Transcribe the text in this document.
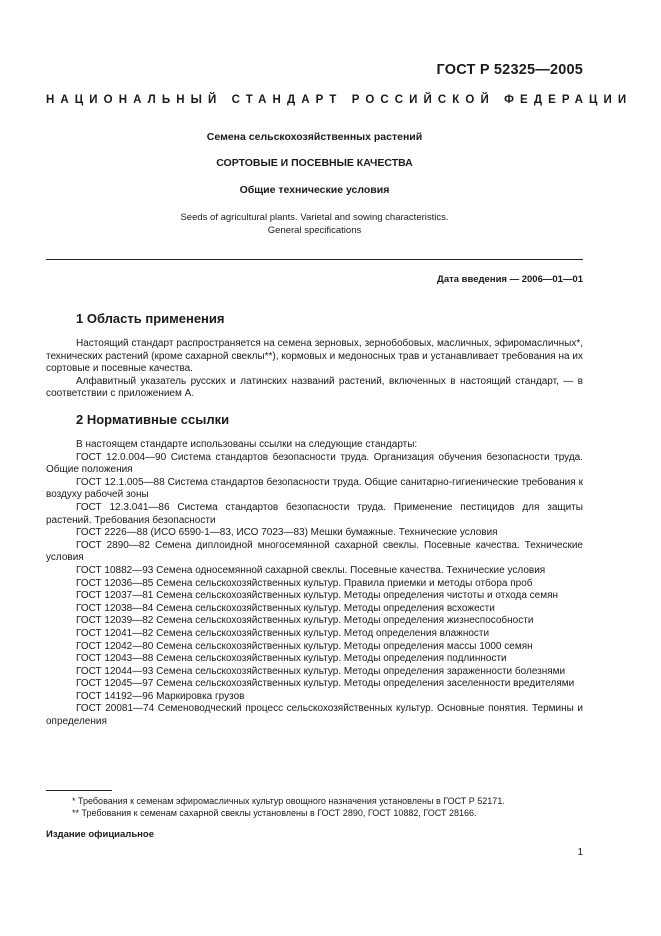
ГОСТ Р 52325—2005
НАЦИОНАЛЬНЫЙ СТАНДАРТ РОССИЙСКОЙ ФЕДЕРАЦИИ
Семена сельскохозяйственных растений
СОРТОВЫЕ И ПОСЕВНЫЕ КАЧЕСТВА
Общие технические условия
Seeds of agricultural plants. Varietal and sowing characteristics.
General specifications
Дата введения — 2006—01—01
1 Область применения

Настоящий стандарт распространяется на семена зерновых, зернобобовых, масличных, эфиромасличных*, технических растений (кроме сахарной свеклы**), кормовых и медоносных трав и устанавливает требования на их сортовые и посевные качества.

Алфавитный указатель русских и латинских названий растений, включенных в настоящий стандарт, — в соответствии с приложением А.

2 Нормативные ссылки

В настоящем стандарте использованы ссылки на следующие стандарты:

ГОСТ 12.0.004—90 Система стандартов безопасности труда. Организация обучения безопасности труда. Общие положения

ГОСТ 12.1.005—88 Система стандартов безопасности труда. Общие санитарно-гигиенические требования к воздуху рабочей зоны

ГОСТ 12.3.041—86 Система стандартов безопасности труда. Применение пестицидов для защиты растений. Требования безопасности

ГОСТ 2226—88 (ИСО 6590-1—83, ИСО 7023—83) Мешки бумажные. Технические условия

ГОСТ 2890—82 Семена диплоидной многосемянной сахарной свеклы. Посевные качества. Технические условия

ГОСТ 10882—93 Семена односемянной сахарной свеклы. Посевные качества. Технические условия

ГОСТ 12036—85 Семена сельскохозяйственных культур. Правила приемки и методы отбора проб

ГОСТ 12037—81 Семена сельскохозяйственных культур. Методы определения чистоты и отхода семян

ГОСТ 12038—84 Семена сельскохозяйственных культур. Методы определения всхожести

ГОСТ 12039—82 Семена сельскохозяйственных культур. Методы определения жизнеспособности

ГОСТ 12041—82 Семена сельскохозяйственных культур. Метод определения влажности

ГОСТ 12042—80 Семена сельскохозяйственных культур. Методы определения массы 1000 семян

ГОСТ 12043—88 Семена сельскохозяйственных культур. Методы определения подлинности

ГОСТ 12044—93 Семена сельскохозяйственных культур. Методы определения зараженности болезнями

ГОСТ 12045—97 Семена сельскохозяйственных культур. Методы определения заселенности вредителями

ГОСТ 14192—96 Маркировка грузов

ГОСТ 20081—74 Семеноводческий процесс сельскохозяйственных культур. Основные понятия. Термины и определения

* Требования к семенам эфиромасличных культур овощного назначения установлены в ГОСТ Р 52171.

** Требования к семенам сахарной свеклы установлены в ГОСТ 2890, ГОСТ 10882, ГОСТ 28166.

Издание официальное
1
